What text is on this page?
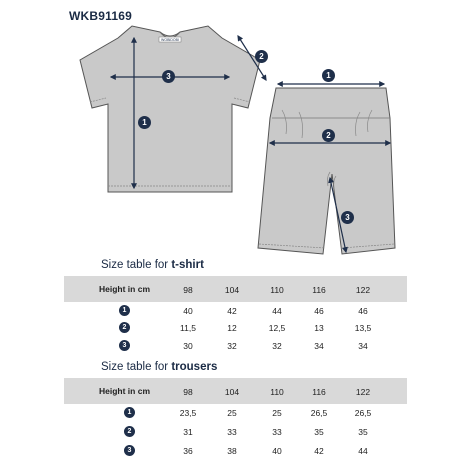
WKB91169
WOBIDOBI
1
3
2
1
2
3
Size table for t-shirt
Height in cm	98	104	110	116	122
1	40	42	44	46	46
2	11,5	12	12,5	13	13,5
3	30	32	32	34	34
Size table for trousers
Height in cm	98	104	110	116	122
1	23,5	25	25	26,5	26,5
2	31	33	33	35	35
3	36	38	40	42	44
